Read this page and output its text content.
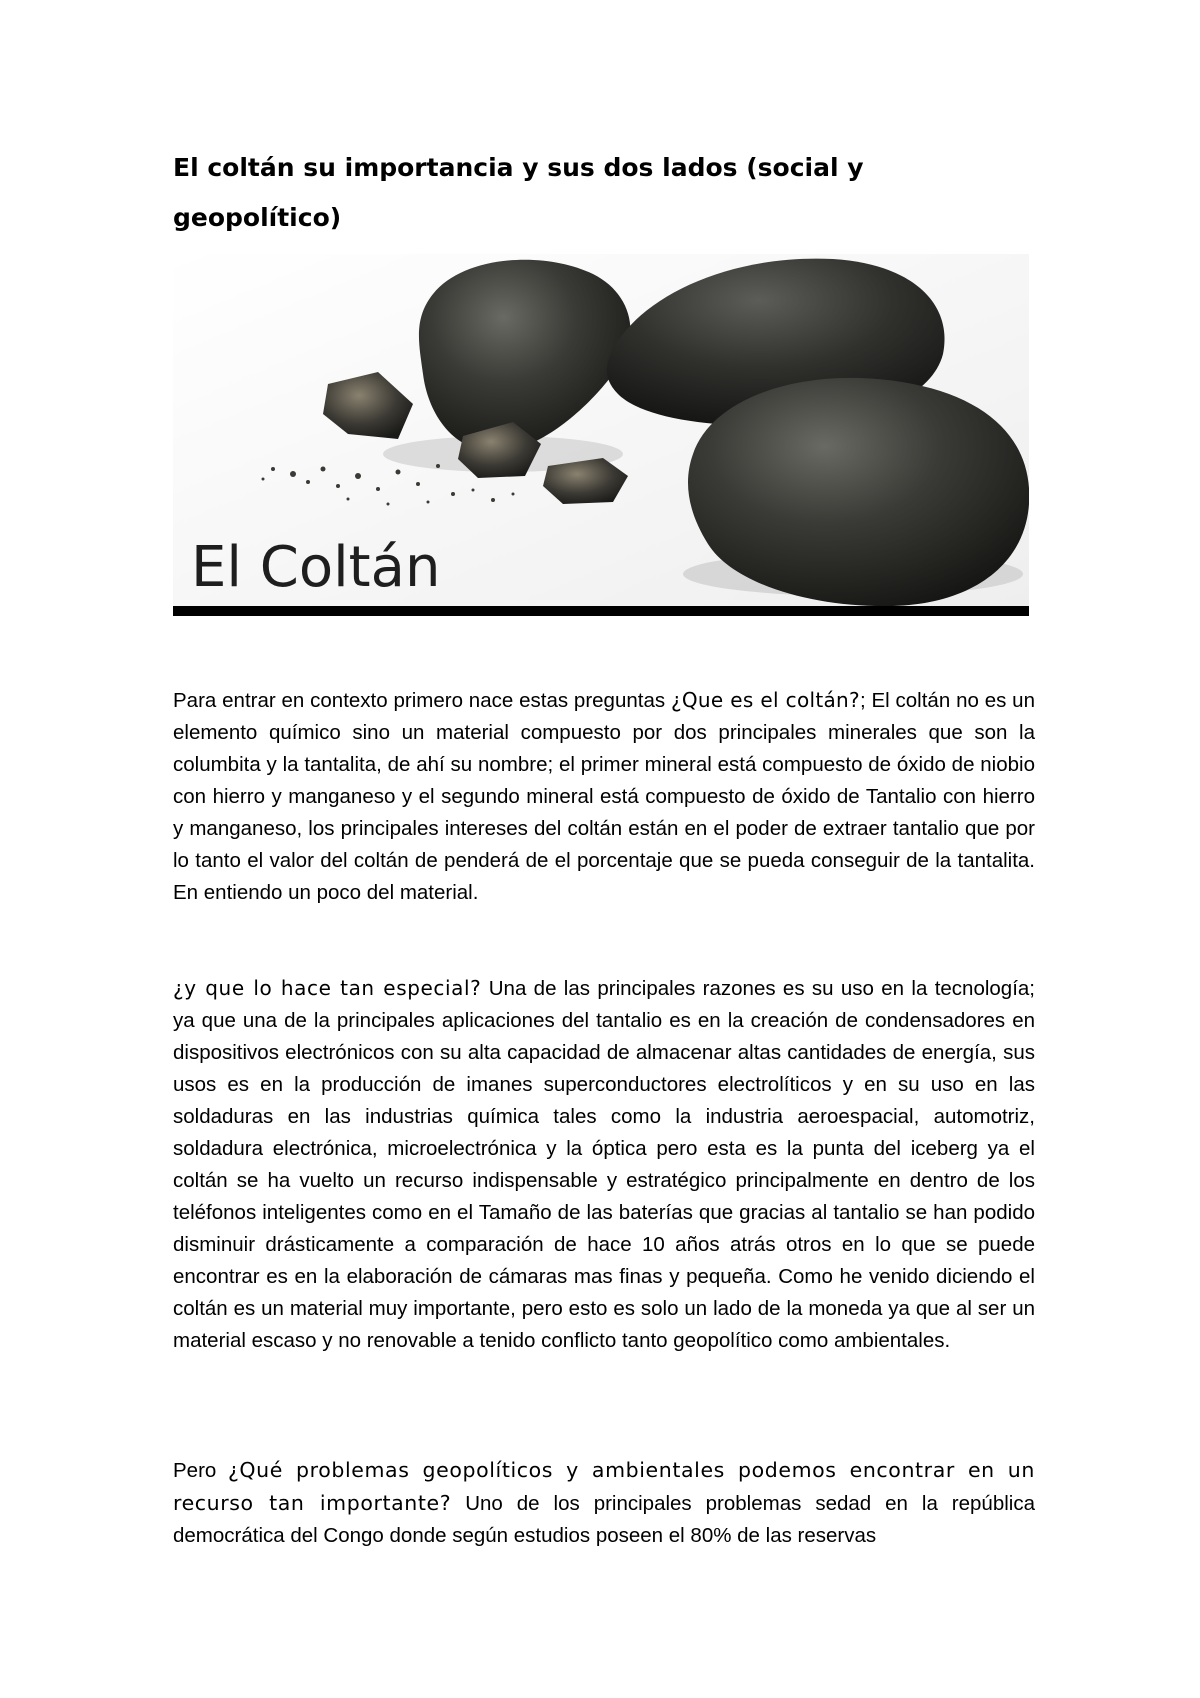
El coltán su importancia y sus dos lados (social y geopolítico)
El Coltán

Para entrar en contexto primero nace estas preguntas ¿Que es el coltán?; El coltán no es un elemento químico sino un material compuesto por dos principales minerales que son la columbita y la tantalita, de ahí su nombre; el primer mineral está compuesto de óxido de niobio con hierro y manganeso y el segundo mineral está compuesto de óxido de Tantalio con hierro y manganeso, los principales intereses del coltán están en el poder de extraer tantalio que por lo tanto el valor del coltán de penderá de el porcentaje que se pueda conseguir de la tantalita. En entiendo un poco del material.

¿y que lo hace tan especial? Una de las principales razones es su uso en la tecnología; ya que una de la principales aplicaciones del tantalio es en la creación de condensadores en dispositivos electrónicos con su alta capacidad de almacenar altas cantidades de energía, sus usos es en la producción de imanes superconductores electrolíticos y en su uso en las soldaduras en las industrias química tales como la industria aeroespacial, automotriz, soldadura electrónica, microelectrónica y la óptica pero esta es la punta del iceberg ya el coltán se ha vuelto un recurso indispensable y estratégico principalmente en dentro de los teléfonos inteligentes como en el Tamaño de las baterías que gracias al tantalio se han podido disminuir drásticamente a comparación de hace 10 años atrás otros en lo que se puede encontrar es en la elaboración de cámaras mas finas y pequeña. Como he venido diciendo el coltán es un material muy importante, pero esto es solo un lado de la moneda ya que al ser un material escaso y no renovable a tenido conflicto tanto geopolítico como ambientales.

Pero ¿Qué problemas geopolíticos y ambientales podemos encontrar en un recurso tan importante? Uno de los principales problemas sedad en la república democrática del Congo donde según estudios poseen el 80% de las reservas
